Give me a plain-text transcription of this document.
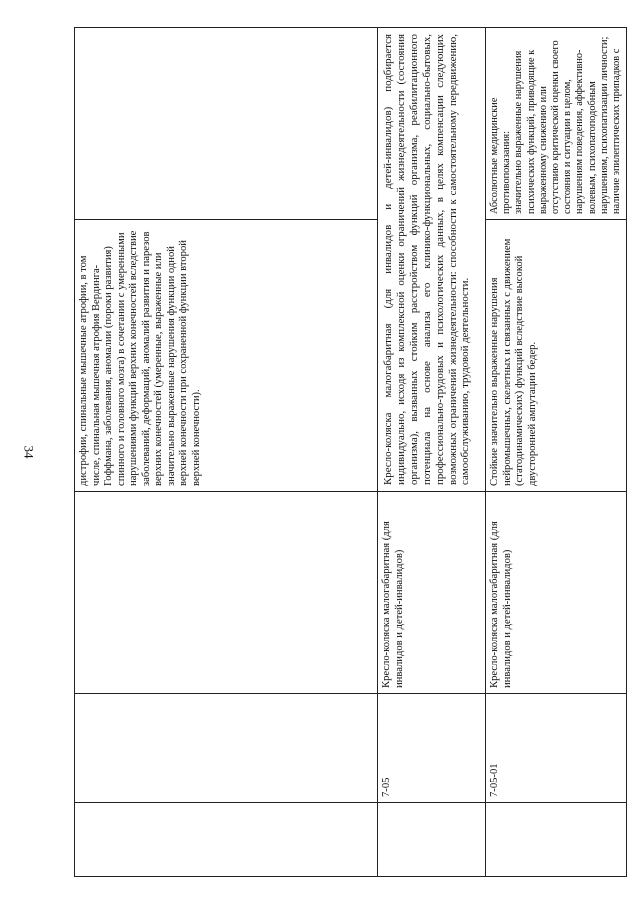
34

			дистрофии, спинальные мышечные атрофии, в том числе, спинальная мышечная атрофия Вердинга-Гоффмана, заболевания, аномалии (пороки развития) спинного и головного мозга) в сочетании с умеренными нарушениями функций верхних конечностей вследствие заболеваний, деформаций, аномалий развития и парезов верхних конечностей (умеренные, выраженные или значительно выраженные нарушения функции одной верхней конечности при сохраненной функции второй верхней конечности).	

	7-05	Кресло-коляска малогабаритная (для инвалидов и детей-инвалидов)	Кресло-коляска малогабаритная (для инвалидов и детей-инвалидов) подбирается индивидуально, исходя из комплексной оценки ограничений жизнедеятельности (состояния организма), вызванных стойким расстройством функций организма, реабилитационного потенциала на основе анализа его клинико-функциональных, социально-бытовых, профессионально-трудовых и психологических данных, в целях компенсации следующих возможных ограничений жизнедеятельности: способности к самостоятельному передвижению, самообслуживанию, трудовой деятельности.	
	7-05-01	Кресло-коляска малогабаритная (для инвалидов и детей-инвалидов)	Стойкие значительно выраженные нарушения нейромышечных, скелетных и связанных с движением (статодинамических) функций вследствие высокой двусторонней ампутации бедер.	Абсолютные медицинские противопоказания: значительно выраженные нарушения психических функций, приводящие к выраженному снижению или отсутствию критической оценки своего состояния и ситуации в целом, нарушениям поведения, аффективно-волевым, психопатоподобным нарушениям, психопатизации личности; наличие эпилептических припадков с
